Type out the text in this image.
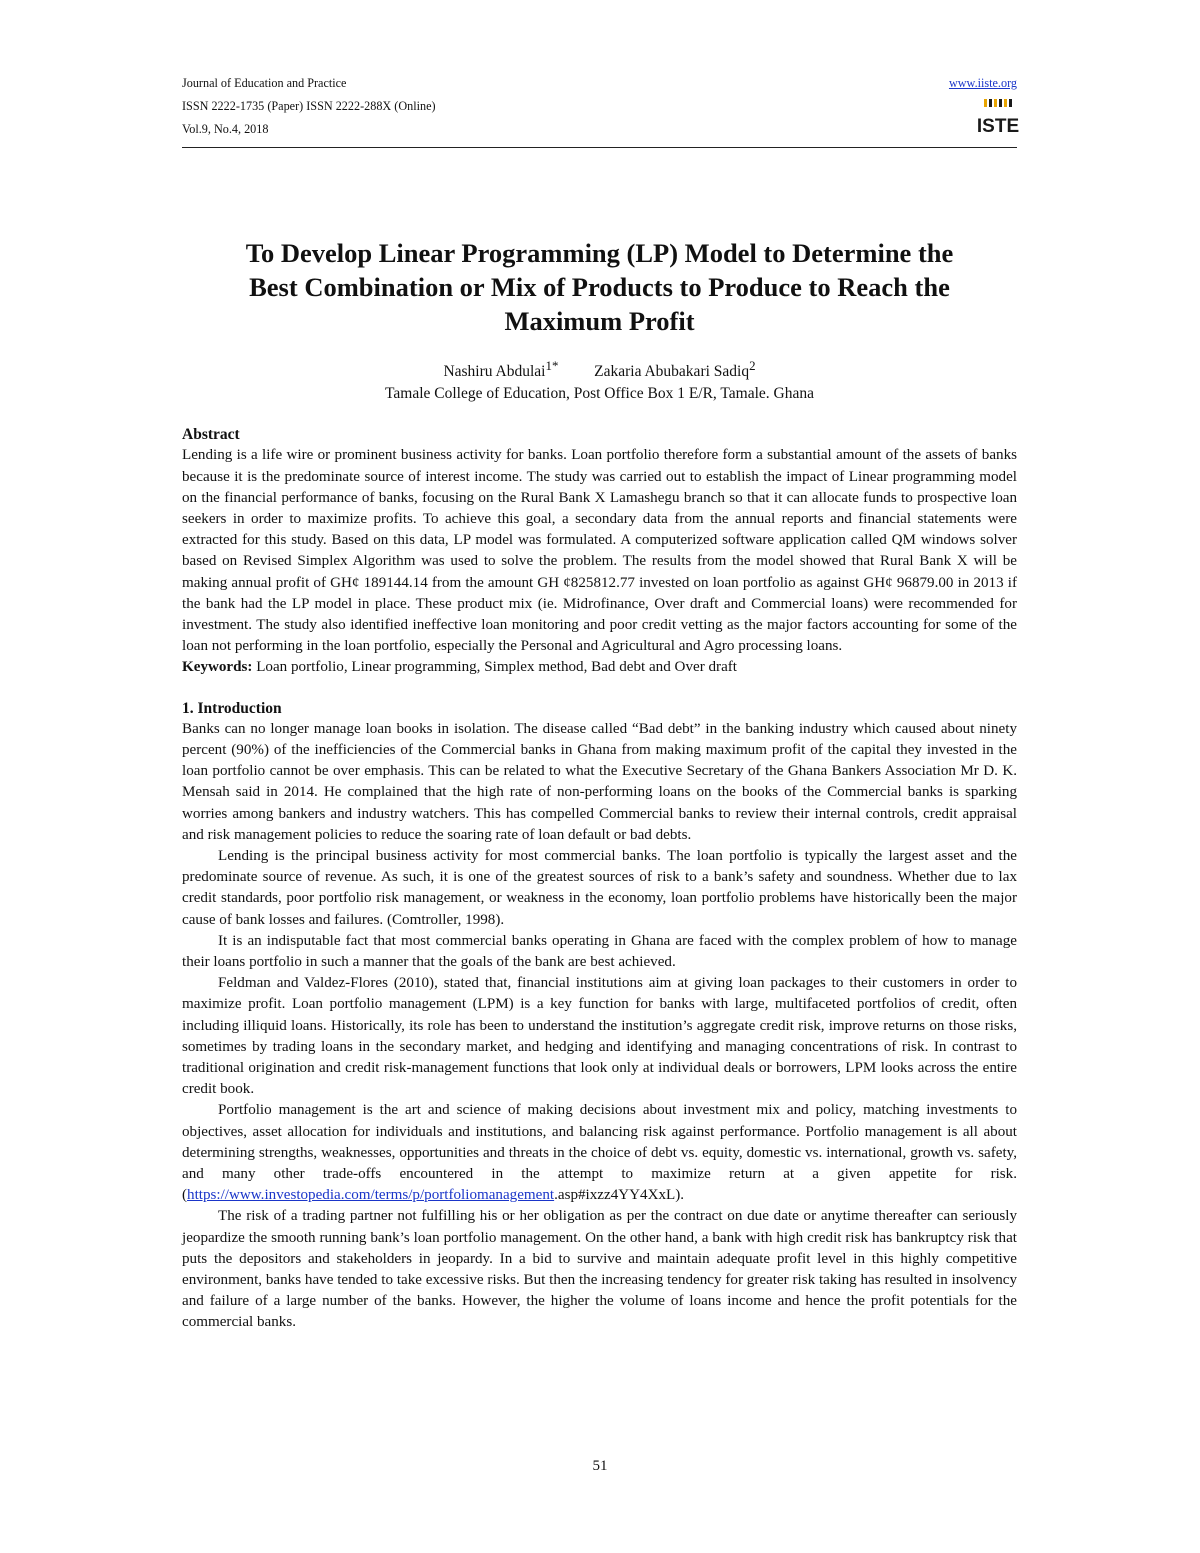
Journal of Education and Practice
ISSN 2222-1735 (Paper) ISSN 2222-288X (Online)
Vol.9, No.4, 2018
www.iiste.org
ISTE
To Develop Linear Programming (LP) Model to Determine the
Best Combination or Mix of Products to Produce to Reach the
Maximum Profit
Nashiru Abdulai$^{1*}$ Zakaria Abubakari Sadiq$^2$
Tamale College of Education, Post Office Box 1 E/R, Tamale. Ghana
Abstract

Lending is a life wire or prominent business activity for banks. Loan portfolio therefore form a substantial amount of the assets of banks because it is the predominate source of interest income. The study was carried out to establish the impact of Linear programming model on the financial performance of banks, focusing on the Rural Bank X Lamashegu branch so that it can allocate funds to prospective loan seekers in order to maximize profits. To achieve this goal, a secondary data from the annual reports and financial statements were extracted for this study. Based on this data, LP model was formulated. A computerized software application called QM windows solver based on Revised Simplex Algorithm was used to solve the problem. The results from the model showed that Rural Bank X will be making annual profit of GH¢ 189144.14 from the amount GH ¢825812.77 invested on loan portfolio as against GH¢ 96879.00 in 2013 if the bank had the LP model in place. These product mix (ie. Midrofinance, Over draft and Commercial loans) were recommended for investment. The study also identified ineffective loan monitoring and poor credit vetting as the major factors accounting for some of the loan not performing in the loan portfolio, especially the Personal and Agricultural and Agro processing loans.

Keywords: Loan portfolio, Linear programming, Simplex method, Bad debt and Over draft

1. Introduction

Banks can no longer manage loan books in isolation. The disease called “Bad debt” in the banking industry which caused about ninety percent (90%) of the inefficiencies of the Commercial banks in Ghana from making maximum profit of the capital they invested in the loan portfolio cannot be over emphasis. This can be related to what the Executive Secretary of the Ghana Bankers Association Mr D. K. Mensah said in 2014. He complained that the high rate of non-performing loans on the books of the Commercial banks is sparking worries among bankers and industry watchers. This has compelled Commercial banks to review their internal controls, credit appraisal and risk management policies to reduce the soaring rate of loan default or bad debts.

Lending is the principal business activity for most commercial banks. The loan portfolio is typically the largest asset and the predominate source of revenue. As such, it is one of the greatest sources of risk to a bank’s safety and soundness. Whether due to lax credit standards, poor portfolio risk management, or weakness in the economy, loan portfolio problems have historically been the major cause of bank losses and failures. (Comtroller, 1998).

It is an indisputable fact that most commercial banks operating in Ghana are faced with the complex problem of how to manage their loans portfolio in such a manner that the goals of the bank are best achieved.

Feldman and Valdez-Flores (2010), stated that, financial institutions aim at giving loan packages to their customers in order to maximize profit. Loan portfolio management (LPM) is a key function for banks with large, multifaceted portfolios of credit, often including illiquid loans. Historically, its role has been to understand the institution’s aggregate credit risk, improve returns on those risks, sometimes by trading loans in the secondary market, and hedging and identifying and managing concentrations of risk. In contrast to traditional origination and credit risk-management functions that look only at individual deals or borrowers, LPM looks across the entire credit book.

Portfolio management is the art and science of making decisions about investment mix and policy, matching investments to objectives, asset allocation for individuals and institutions, and balancing risk against performance. Portfolio management is all about determining strengths, weaknesses, opportunities and threats in the choice of debt vs. equity, domestic vs. international, growth vs. safety, and many other trade-offs encountered in the attempt to maximize return at a given appetite for risk. (https://www.investopedia.com/terms/p/portfoliomanagement.asp#ixzz4YY4XxL).

The risk of a trading partner not fulfilling his or her obligation as per the contract on due date or anytime thereafter can seriously jeopardize the smooth running bank’s loan portfolio management. On the other hand, a bank with high credit risk has bankruptcy risk that puts the depositors and stakeholders in jeopardy. In a bid to survive and maintain adequate profit level in this highly competitive environment, banks have tended to take excessive risks. But then the increasing tendency for greater risk taking has resulted in insolvency and failure of a large number of the banks. However, the higher the volume of loans income and hence the profit potentials for the commercial banks.

51
